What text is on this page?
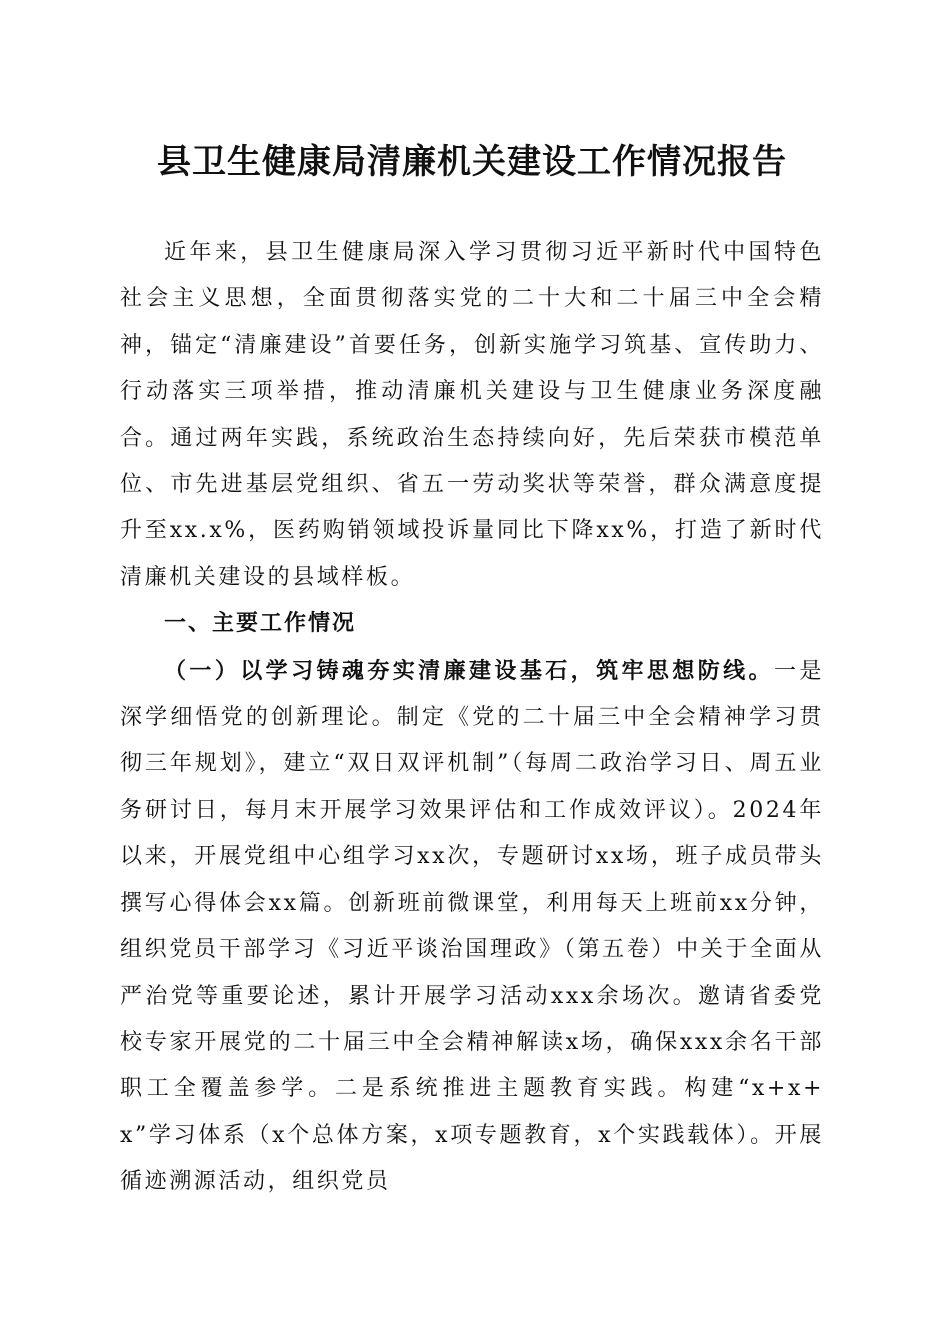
县卫生健康局清廉机关建设工作情况报告

近年来，县卫生健康局深入学习贯彻习近平新时代中国特色社会主义思想，全面贯彻落实党的二十大和二十届三中全会精神，锚定“清廉建设”首要任务，创新实施学习筑基、宣传助力、行动落实三项举措，推动清廉机关建设与卫生健康业务深度融合。通过两年实践，系统政治生态持续向好，先后荣获市模范单位、市先进基层党组织、省五一劳动奖状等荣誉，群众满意度提升至xx.x%，医药购销领域投诉量同比下降xx%，打造了新时代清廉机关建设的县域样板。

一、主要工作情况

（一）以学习铸魂夯实清廉建设基石，筑牢思想防线。一是深学细悟党的创新理论。制定《党的二十届三中全会精神学习贯彻三年规划》，建立“双日双评机制”（每周二政治学习日、周五业务研讨日，每月末开展学习效果评估和工作成效评议）。2024年以来，开展党组中心组学习xx次，专题研讨xx场，班子成员带头撰写心得体会xx篇。创新班前微课堂，利用每天上班前xx分钟，组织党员干部学习《习近平谈治国理政》（第五卷）中关于全面从严治党等重要论述，累计开展学习活动xxx余场次。邀请省委党校专家开展党的二十届三中全会精神解读x场，确保xxx余名干部职工全覆盖参学。二是系统推进主题教育实践。构建“x+x+x”学习体系（x个总体方案，x项专题教育，x个实践载体）。开展循迹溯源活动，组织党员
